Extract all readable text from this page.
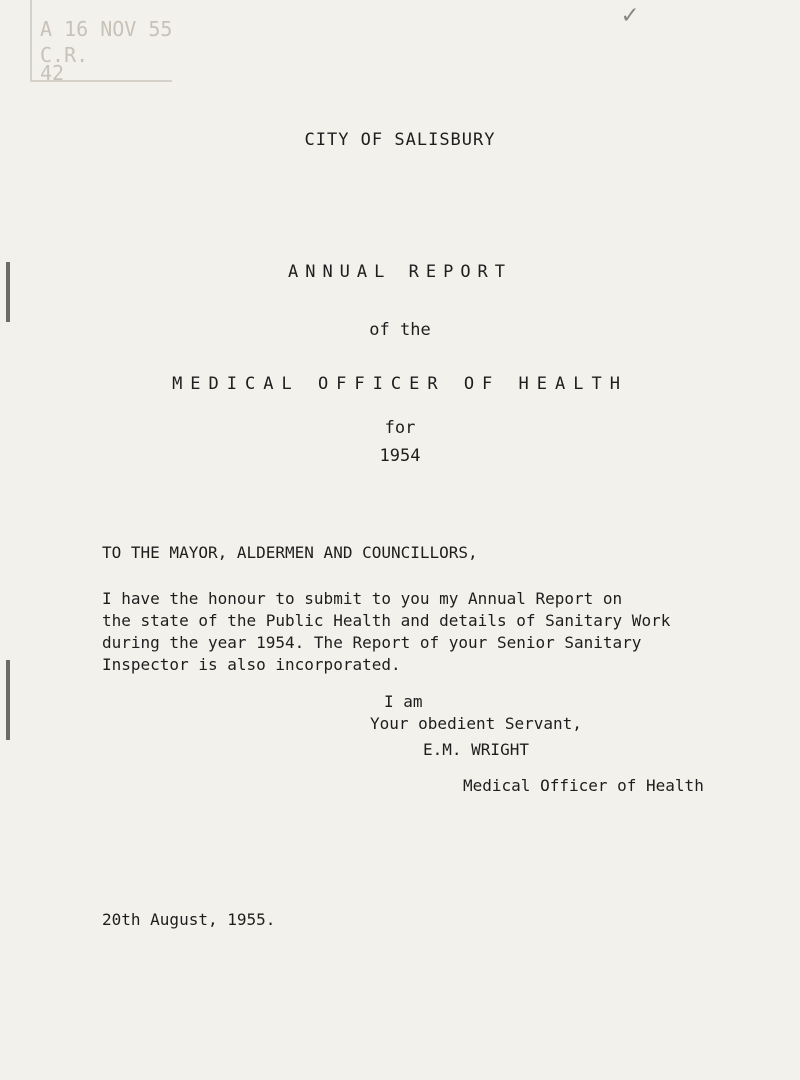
A 16 NOV 55
C.R.
42
✓
CITY OF SALISBURY
ANNUAL REPORT
of the
MEDICAL OFFICER OF HEALTH
for
1954
TO THE MAYOR, ALDERMEN AND COUNCILLORS,
I have the honour to submit to you my Annual Report on
the state of the Public Health and details of Sanitary Work
during the year 1954. The Report of your Senior Sanitary
Inspector is also incorporated.
I am
Your obedient Servant,
E.M. WRIGHT
Medical Officer of Health
20th August, 1955.
